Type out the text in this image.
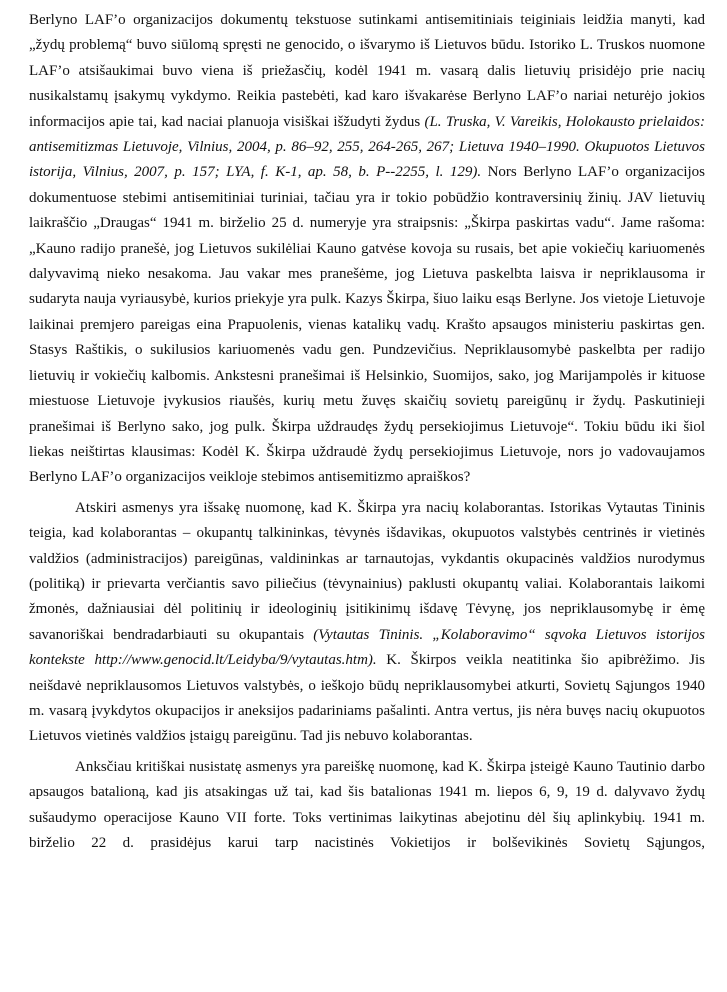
Berlyno LAF’o organizacijos dokumentų tekstuose sutinkami antisemitiniais teiginiais leidžia manyti, kad „žydų problemą“ buvo siūlomą spręsti ne genocido, o išvarymo iš Lietuvos būdu. Istoriko L. Truskos nuomone LAF’o atsišaukimai buvo viena iš priežasčių, kodėl 1941 m. vasarą dalis lietuvių prisidėjo prie nacių nusikalstamų įsakymų vykdymo. Reikia pastebėti, kad karo išvakarėse Berlyno LAF’o nariai neturėjo jokios informacijos apie tai, kad naciai planuoja visiškai išžudyti žydus (L. Truska, V. Vareikis, Holokausto prielaidos: antisemitizmas Lietuvoje, Vilnius, 2004, p. 86–92, 255, 264-265, 267; Lietuva 1940–1990. Okupuotos Lietuvos istorija, Vilnius, 2007, p. 157; LYA, f. K-1, ap. 58, b. P--2255, l. 129). Nors Berlyno LAF’o organizacijos dokumentuose stebimi antisemitiniai turiniai, tačiau yra ir tokio pobūdžio kontraversinių žinių. JAV lietuvių laikraščio „Draugas“ 1941 m. birželio 25 d. numeryje yra straipsnis: „Škirpa paskirtas vadu“. Jame rašoma: „Kauno radijo pranešė, jog Lietuvos sukilėliai Kauno gatvėse kovoja su rusais, bet apie vokiečių kariuomenės dalyvavimą nieko nesakoma. Jau vakar mes pranešėme, jog Lietuva paskelbta laisva ir nepriklausoma ir sudaryta nauja vyriausybė, kurios priekyje yra pulk. Kazys Škirpa, šiuo laiku esąs Berlyne. Jos vietoje Lietuvoje laikinai premjero pareigas eina Prapuolenis, vienas katalikų vadų. Krašto apsaugos ministeriu paskirtas gen. Stasys Raštikis, o sukilusios kariuomenės vadu gen. Pundzevičius. Nepriklausomybė paskelbta per radijo lietuvių ir vokiečių kalbomis. Ankstesni pranešimai iš Helsinkio, Suomijos, sako, jog Marijampolės ir kituose miestuose Lietuvoje įvykusios riaušės, kurių metu žuvęs skaičių sovietų pareigūnų ir žydų. Paskutinieji pranešimai iš Berlyno sako, jog pulk. Škirpa uždraudęs žydų persekiojimus Lietuvoje“. Tokiu būdu iki šiol liekas neištirtas klausimas: Kodėl K. Škirpa uždraudė žydų persekiojimus Lietuvoje, nors jo vadovaujamos Berlyno LAF’o organizacijos veikloje stebimos antisemitizmo apraiškos?

Atskiri asmenys yra išsakę nuomonę, kad K. Škirpa yra nacių kolaborantas. Istorikas Vytautas Tininis teigia, kad kolaborantas – okupantų talkininkas, tėvynės išdavikas, okupuotos valstybės centrinės ir vietinės valdžios (administracijos) pareigūnas, valdininkas ar tarnautojas, vykdantis okupacinės valdžios nurodymus (politiką) ir prievarta verčiantis savo piliečius (tėvynainius) paklusti okupantų valiai. Kolaborantais laikomi žmonės, dažniausiai dėl politinių ir ideologinių įsitikinimų išdavę Tėvynę, jos nepriklausomybę ir ėmę savanoriškai bendradarbiauti su okupantais (Vytautas Tininis. „Kolaboravimo“ sąvoka Lietuvos istorijos kontekste http://www.genocid.lt/Leidyba/9/vytautas.htm). K. Škirpos veikla neatitinka šio apibrėžimo. Jis neišdavė nepriklausomos Lietuvos valstybės, o ieškojo būdų nepriklausomybei atkurti, Sovietų Sąjungos 1940 m. vasarą įvykdytos okupacijos ir aneksijos padariniams pašalinti. Antra vertus, jis nėra buvęs nacių okupuotos Lietuvos vietinės valdžios įstaigų pareigūnu. Tad jis nebuvo kolaborantas.

Anksčiau kritiškai nusistatę asmenys yra pareiškę nuomonę, kad K. Škirpa įsteigė Kauno Tautinio darbo apsaugos batalioną, kad jis atsakingas už tai, kad šis batalionas 1941 m. liepos 6, 9, 19 d. dalyvavo žydų sušaudymo operacijose Kauno VII forte. Toks vertinimas laikytinas abejotinu dėl šių aplinkybių. 1941 m. birželio 22 d. prasidėjus karui tarp nacistinės Vokietijos ir bolševikinės Sovietų Sąjungos,
